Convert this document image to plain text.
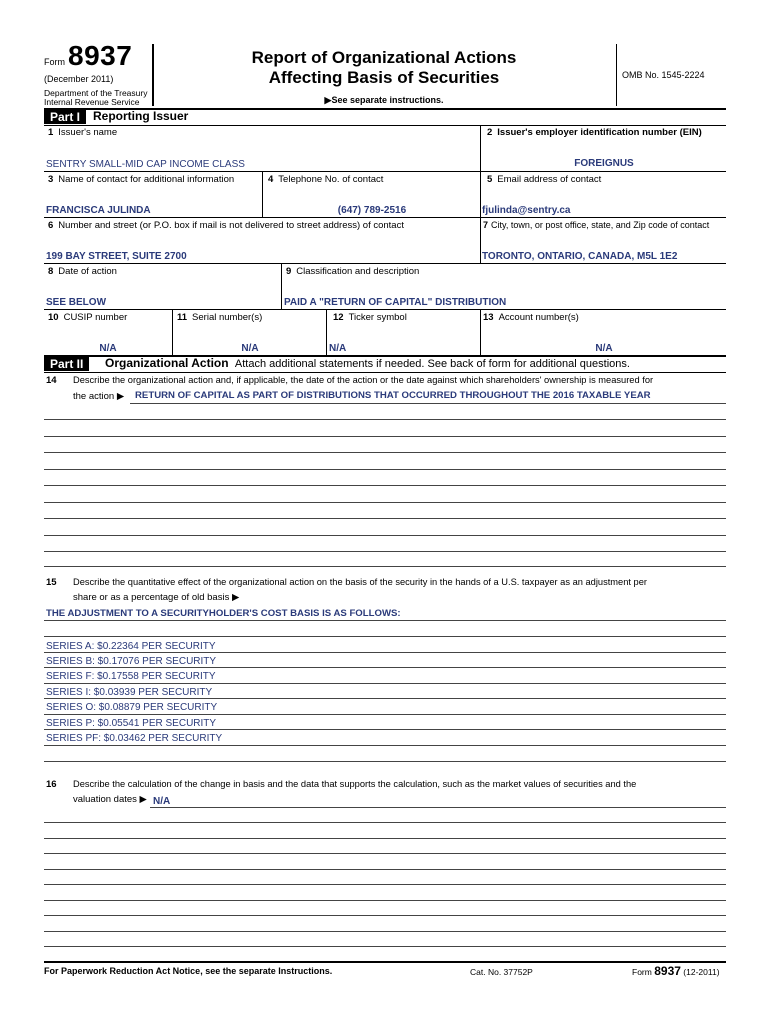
Form 8937
(December 2011)
Department of the Treasury
Internal Revenue Service
Report of Organizational Actions
Affecting Basis of Securities
▶See separate instructions.
OMB No. 1545-2224
Part I	Reporting Issuer
1 Issuer's name	2 Issuer's employer identification number (EIN)
SENTRY SMALL-MID CAP INCOME CLASS	FOREIGNUS
3 Name of contact for additional information	4 Telephone No. of contact	5 Email address of contact
FRANCISCA JULINDA	(647) 789-2516	fjulinda@sentry.ca
6 Number and street (or P.O. box if mail is not delivered to street address) of contact	7 City, town, or post office, state, and Zip code of contact
199 BAY STREET, SUITE 2700	TORONTO, ONTARIO, CANADA, M5L 1E2
8 Date of action	9 Classification and description
SEE BELOW	PAID A "RETURN OF CAPITAL" DISTRIBUTION
10 CUSIP number	11 Serial number(s)	12 Ticker symbol	13 Account number(s)
N/A	N/A	N/A	N/A
Part II	Organizational Action Attach additional statements if needed. See back of form for additional questions.
14 Describe the organizational action and, if applicable, the date of the action or the date against which shareholders' ownership is measured for
the action ▶ RETURN OF CAPITAL AS PART OF DISTRIBUTIONS THAT OCCURRED THROUGHOUT THE 2016 TAXABLE YEAR
15 Describe the quantitative effect of the organizational action on the basis of the security in the hands of a U.S. taxpayer as an adjustment per
share or as a percentage of old basis ▶
THE ADJUSTMENT TO A SECURITYHOLDER'S COST BASIS IS AS FOLLOWS:
SERIES A: $0.22364 PER SECURITY
SERIES B: $0.17076 PER SECURITY
SERIES F: $0.17558 PER SECURITY
SERIES I: $0.03939 PER SECURITY
SERIES O: $0.08879 PER SECURITY
SERIES P: $0.05541 PER SECURITY
SERIES PF: $0.03462 PER SECURITY
16 Describe the calculation of the change in basis and the data that supports the calculation, such as the market values of securities and the
valuation dates ▶ N/A
For Paperwork Reduction Act Notice, see the separate Instructions.	Cat. No. 37752P	Form 8937 (12-2011)
